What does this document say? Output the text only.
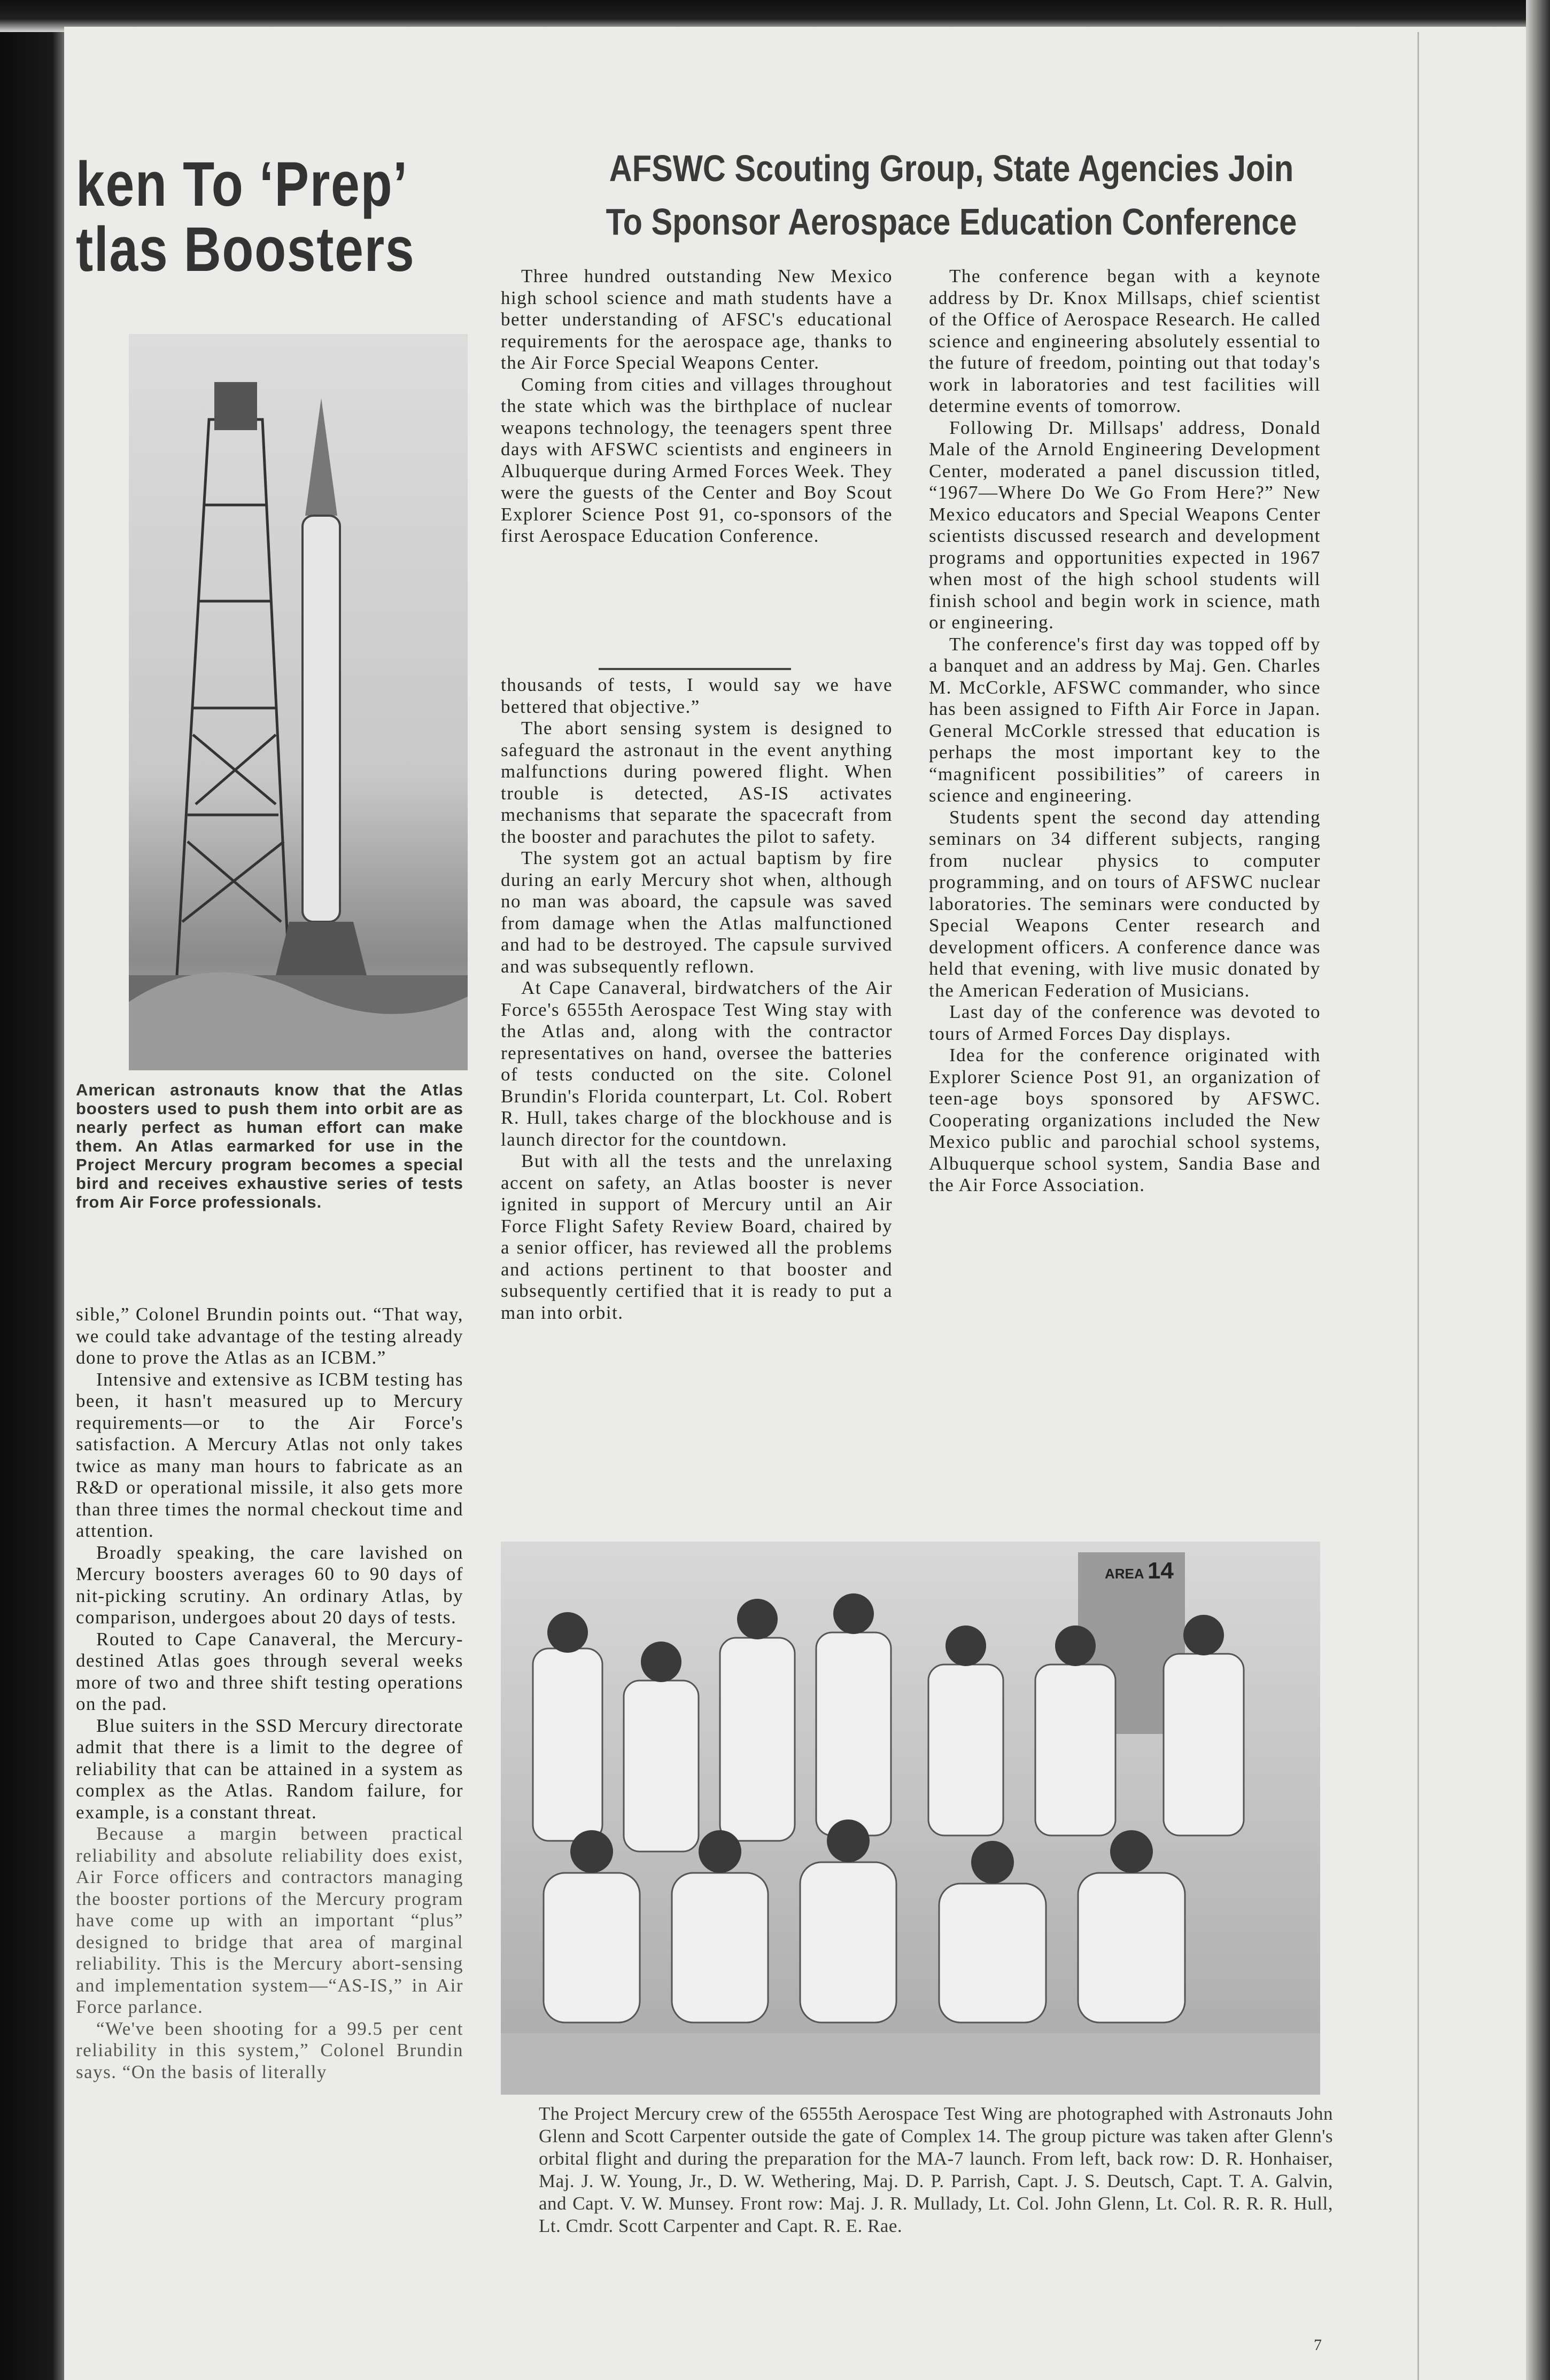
ken To ‘Prep’
tlas Boosters

American astronauts know that the Atlas boosters used to push them into orbit are as nearly perfect as human effort can make them. An Atlas earmarked for use in the Project Mercury program becomes a special bird and receives exhaustive series of tests from Air Force professionals.

sible,” Colonel Brundin points out. “That way, we could take advantage of the testing already done to prove the Atlas as an ICBM.”

Intensive and extensive as ICBM testing has been, it hasn't measured up to Mercury requirements—or to the Air Force's satisfaction. A Mercury Atlas not only takes twice as many man hours to fabricate as an R&D or operational missile, it also gets more than three times the normal checkout time and attention.

Broadly speaking, the care lavished on Mercury boosters averages 60 to 90 days of nit-picking scrutiny. An ordinary Atlas, by comparison, undergoes about 20 days of tests.

Routed to Cape Canaveral, the Mercury-destined Atlas goes through several weeks more of two and three shift testing operations on the pad.

Blue suiters in the SSD Mercury directorate admit that there is a limit to the degree of reliability that can be attained in a system as complex as the Atlas. Random failure, for example, is a constant threat.

Because a margin between practical reliability and absolute reliability does exist, Air Force officers and contractors managing the booster portions of the Mercury program have come up with an important “plus” designed to bridge that area of marginal reliability. This is the Mercury abort-sensing and implementation system—“AS-IS,” in Air Force parlance.

“We've been shooting for a 99.5 per cent reliability in this system,” Colonel Brundin says. “On the basis of literally

AFSWC Scouting Group, State Agencies Join
To Sponsor Aerospace Education Conference

Three hundred outstanding New Mexico high school science and math students have a better understanding of AFSC's educational requirements for the aerospace age, thanks to the Air Force Special Weapons Center.

Coming from cities and villages throughout the state which was the birthplace of nuclear weapons technology, the teenagers spent three days with AFSWC scientists and engineers in Albuquerque during Armed Forces Week. They were the guests of the Center and Boy Scout Explorer Science Post 91, co-sponsors of the first Aerospace Education Conference.

thousands of tests, I would say we have bettered that objective.”

The abort sensing system is designed to safeguard the astronaut in the event anything malfunctions during powered flight. When trouble is detected, AS-IS activates mechanisms that separate the spacecraft from the booster and parachutes the pilot to safety.

The system got an actual baptism by fire during an early Mercury shot when, although no man was aboard, the capsule was saved from damage when the Atlas malfunctioned and had to be destroyed. The capsule survived and was subsequently reflown.

At Cape Canaveral, birdwatchers of the Air Force's 6555th Aerospace Test Wing stay with the Atlas and, along with the contractor representatives on hand, oversee the batteries of tests conducted on the site. Colonel Brundin's Florida counterpart, Lt. Col. Robert R. Hull, takes charge of the blockhouse and is launch director for the countdown.

But with all the tests and the unrelaxing accent on safety, an Atlas booster is never ignited in support of Mercury until an Air Force Flight Safety Review Board, chaired by a senior officer, has reviewed all the problems and actions pertinent to that booster and subsequently certified that it is ready to put a man into orbit.

The conference began with a keynote address by Dr. Knox Millsaps, chief scientist of the Office of Aerospace Research. He called science and engineering absolutely essential to the future of freedom, pointing out that today's work in laboratories and test facilities will determine events of tomorrow.

Following Dr. Millsaps' address, Donald Male of the Arnold Engineering Development Center, moderated a panel discussion titled, “1967—Where Do We Go From Here?” New Mexico educators and Special Weapons Center scientists discussed research and development programs and opportunities expected in 1967 when most of the high school students will finish school and begin work in science, math or engineering.

The conference's first day was topped off by a banquet and an address by Maj. Gen. Charles M. McCorkle, AFSWC commander, who since has been assigned to Fifth Air Force in Japan. General McCorkle stressed that education is perhaps the most important key to the “magnificent possibilities” of careers in science and engineering.

Students spent the second day attending seminars on 34 different subjects, ranging from nuclear physics to computer programming, and on tours of AFSWC nuclear laboratories. The seminars were conducted by Special Weapons Center research and development officers. A conference dance was held that evening, with live music donated by the American Federation of Musicians.

Last day of the conference was devoted to tours of Armed Forces Day displays.

Idea for the conference originated with Explorer Science Post 91, an organization of teen-age boys sponsored by AFSWC. Cooperating organizations included the New Mexico public and parochial school systems, Albuquerque school system, Sandia Base and the Air Force Association.

AREA 14
The Project Mercury crew of the 6555th Aerospace Test Wing are photographed with Astronauts John Glenn and Scott Carpenter outside the gate of Complex 14. The group picture was taken after Glenn's orbital flight and during the preparation for the MA-7 launch. From left, back row: D. R. Honhaiser, Maj. J. W. Young, Jr., D. W. Wethering, Maj. D. P. Parrish, Capt. J. S. Deutsch, Capt. T. A. Galvin, and Capt. V. W. Munsey. Front row: Maj. J. R. Mullady, Lt. Col. John Glenn, Lt. Col. R. R. R. Hull, Lt. Cmdr. Scott Carpenter and Capt. R. E. Rae.
7
